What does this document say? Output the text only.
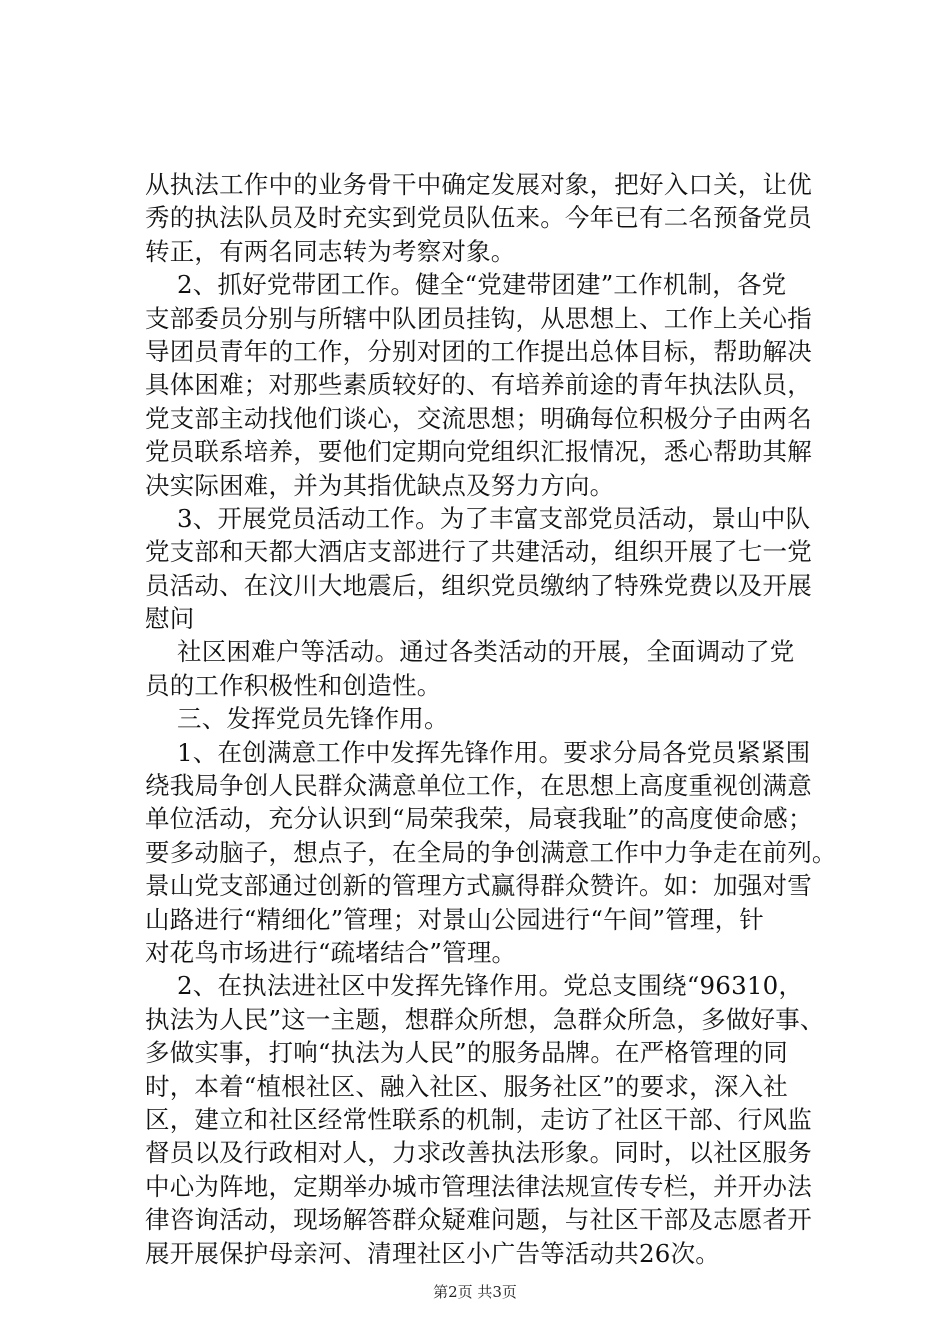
从执法工作中的业务骨干中确定发展对象，把好入口关，让优
秀的执法队员及时充实到党员队伍来。今年已有二名预备党员
转正，有两名同志转为考察对象。
2、抓好党带团工作。健全“党建带团建”工作机制，各党
支部委员分别与所辖中队团员挂钩，从思想上、工作上关心指
导团员青年的工作，分别对团的工作提出总体目标，帮助解决
具体困难；对那些素质较好的、有培养前途的青年执法队员，
党支部主动找他们谈心，交流思想；明确每位积极分子由两名
党员联系培养，要他们定期向党组织汇报情况，悉心帮助其解
决实际困难，并为其指优缺点及努力方向。
3、开展党员活动工作。为了丰富支部党员活动，景山中队
党支部和天都大酒店支部进行了共建活动，组织开展了七一党
员活动、在汶川大地震后，组织党员缴纳了特殊党费以及开展
慰问
社区困难户等活动。通过各类活动的开展，全面调动了党
员的工作积极性和创造性。
三、发挥党员先锋作用。
1、在创满意工作中发挥先锋作用。要求分局各党员紧紧围
绕我局争创人民群众满意单位工作，在思想上高度重视创满意
单位活动，充分认识到“局荣我荣，局衰我耻”的高度使命感；
要多动脑子，想点子，在全局的争创满意工作中力争走在前列。
景山党支部通过创新的管理方式赢得群众赞许。如：加强对雪
山路进行“精细化”管理；对景山公园进行“午间”管理，针
对花鸟市场进行“疏堵结合”管理。
2、在执法进社区中发挥先锋作用。党总支围绕“96310，
执法为人民”这一主题，想群众所想，急群众所急，多做好事、
多做实事，打响“执法为人民”的服务品牌。在严格管理的同
时，本着“植根社区、融入社区、服务社区”的要求，深入社
区，建立和社区经常性联系的机制，走访了社区干部、行风监
督员以及行政相对人，力求改善执法形象。同时，以社区服务
中心为阵地，定期举办城市管理法律法规宣传专栏，并开办法
律咨询活动，现场解答群众疑难问题，与社区干部及志愿者开
展开展保护母亲河、清理社区小广告等活动共26次。
第2页 共3页
